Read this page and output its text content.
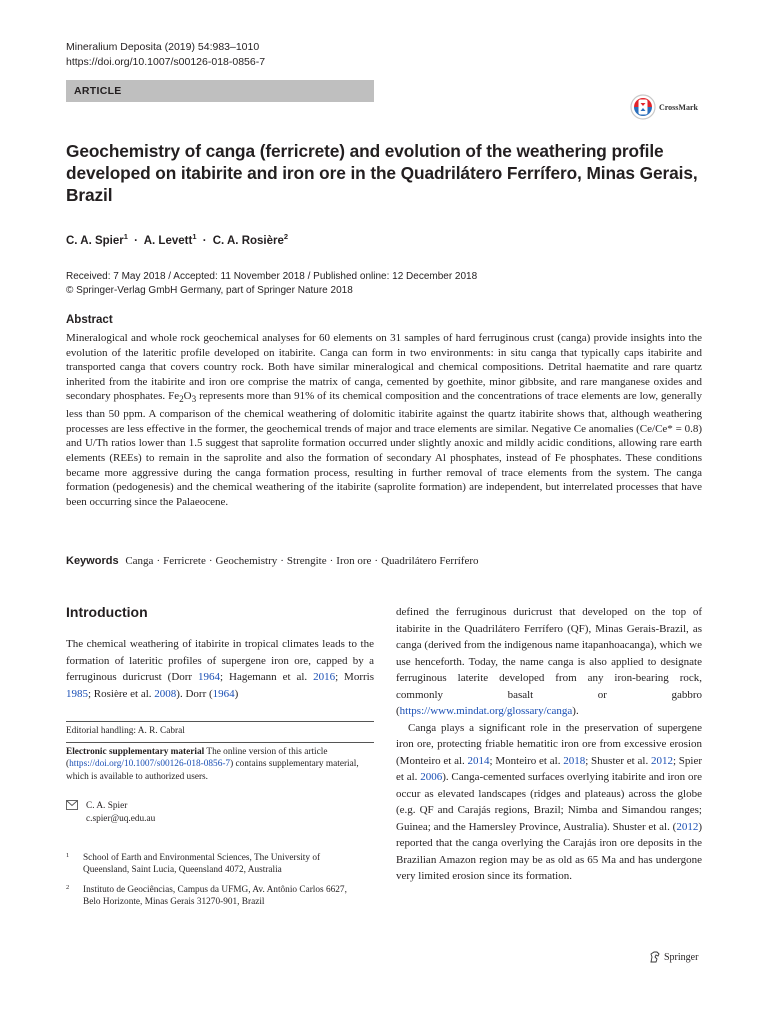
Mineralium Deposita (2019) 54:983–1010
https://doi.org/10.1007/s00126-018-0856-7
ARTICLE
CrossMark
Geochemistry of canga (ferricrete) and evolution of the weathering profile developed on itabirite and iron ore in the Quadrilátero Ferrífero, Minas Gerais, Brazil
C. A. Spier$^1$ · A. Levett$^1$ · C. A. Rosière$^2$
Received: 7 May 2018 / Accepted: 11 November 2018 / Published online: 12 December 2018
© Springer-Verlag GmbH Germany, part of Springer Nature 2018
Abstract

Mineralogical and whole rock geochemical analyses for 60 elements on 31 samples of hard ferruginous crust (canga) provide insights into the evolution of the lateritic profile developed on itabirite. Canga can form in two environments: in situ canga that typically caps itabirite and transported canga that covers country rock. Both have similar mineralogical and chemical compositions. Detrital haematite and rare quartz inherited from the itabirite and iron ore comprise the matrix of canga, cemented by goethite, minor gibbsite, and rare manganese oxides and secondary phosphates. $Fe_2O_3$ represents more than 91% of its chemical composition and the concentrations of trace elements are low, generally less than 50 ppm. A comparison of the chemical weathering of dolomitic itabirite against the quartz itabirite shows that, although weathering processes are less effective in the former, the geochemical trends of major and trace elements are similar. Negative Ce anomalies (Ce/Ce* = 0.8) and U/Th ratios lower than 1.5 suggest that saprolite formation occurred under slightly anoxic and mildly acidic conditions, allowing rare earth elements (REEs) to remain in the saprolite and also the formation of secondary Al phosphates, instead of Fe phosphates. These conditions became more aggressive during the canga formation process, resulting in further removal of trace elements from the system. The canga formation (pedogenesis) and the chemical weathering of the itabirite (saprolite formation) are independent, but interrelated processes that have been occurring since the Palaeocene.

Keywords Canga · Ferricrete · Geochemistry · Strengite · Iron ore · Quadrilátero Ferrífero
Introduction

The chemical weathering of itabirite in tropical climates leads to the formation of lateritic profiles of supergene iron ore, capped by a ferruginous duricrust (Dorr 1964; Hagemann et al. 2016; Morris 1985; Rosière et al. 2008). Dorr (1964)

Editorial handling: A. R. Cabral

Electronic supplementary material The online version of this article (https://doi.org/10.1007/s00126-018-0856-7) contains supplementary material, which is available to authorized users.

C. A. Spier
c.spier@uq.edu.au
1 School of Earth and Environmental Sciences, The University of Queensland, Saint Lucia, Queensland 4072, Australia
2 Instituto de Geociências, Campus da UFMG, Av. Antônio Carlos 6627, Belo Horizonte, Minas Gerais 31270-901, Brazil

defined the ferruginous duricrust that developed on the top of itabirite in the Quadrilátero Ferrífero (QF), Minas Gerais-Brazil, as canga (derived from the indigenous name itapanhoacanga), which we use henceforth. Today, the name canga is also applied to designate ferruginous laterite developed from any iron-bearing rock, commonly basalt or gabbro (https://www.mindat.org/glossary/canga).

Canga plays a significant role in the preservation of supergene iron ore, protecting friable hematitic iron ore from excessive erosion (Monteiro et al. 2014; Monteiro et al. 2018; Shuster et al. 2012; Spier et al. 2006). Canga-cemented surfaces overlying itabirite and iron ore occur as elevated landscapes (ridges and plateaus) across the globe (e.g. QF and Carajás regions, Brazil; Nimba and Simandou ranges; Guinea; and the Hamersley Province, Australia). Shuster et al. (2012) reported that the canga overlying the Carajás iron ore deposits in the Brazilian Amazon region may be as old as 65 Ma and has undergone very limited erosion since its formation.

Springer
